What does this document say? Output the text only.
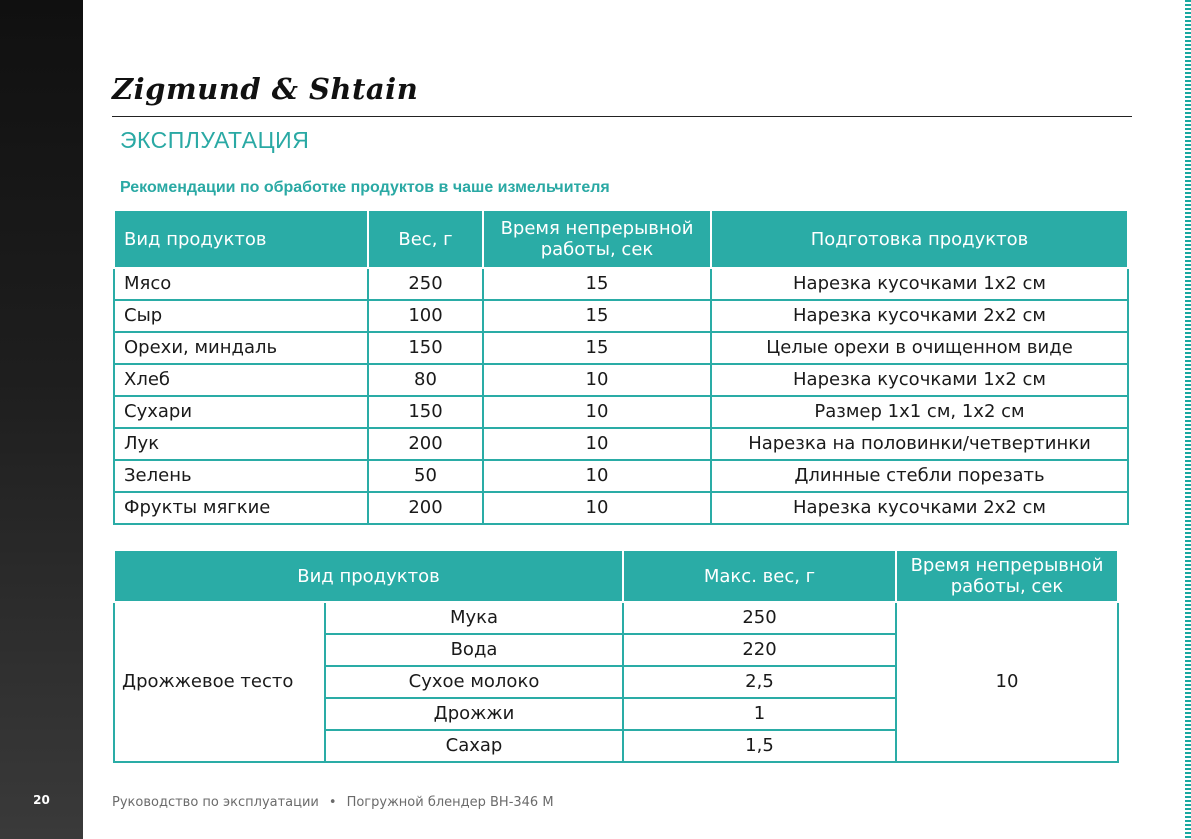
20
Zigmund & Shtain
ЭКСПЛУАТАЦИЯ
Рекомендации по обработке продуктов в чаше измельчителя
Вид продуктов	Вес, г	Время непрерывной работы, сек	Подготовка продуктов
Мясо	250	15	Нарезка кусочками 1х2 см
Сыр	100	15	Нарезка кусочками 2х2 см
Орехи, миндаль	150	15	Целые орехи в очищенном виде
Хлеб	80	10	Нарезка кусочками 1х2 см
Сухари	150	10	Размер 1х1 см, 1х2 см
Лук	200	10	Нарезка на половинки/четвертинки
Зелень	50	10	Длинные стебли порезать
Фрукты мягкие	200	10	Нарезка кусочками 2х2 см
Вид продуктов		Макс. вес, г	Время непрерывной работы, сек
Дрожжевое тесто	Мука	250	10
	Вода	220	
	Сухое молоко	2,5	
	Дрожжи	1	
	Сахар	1,5	
Руководство по эксплуатации • Погружной блендер BH-346 M
